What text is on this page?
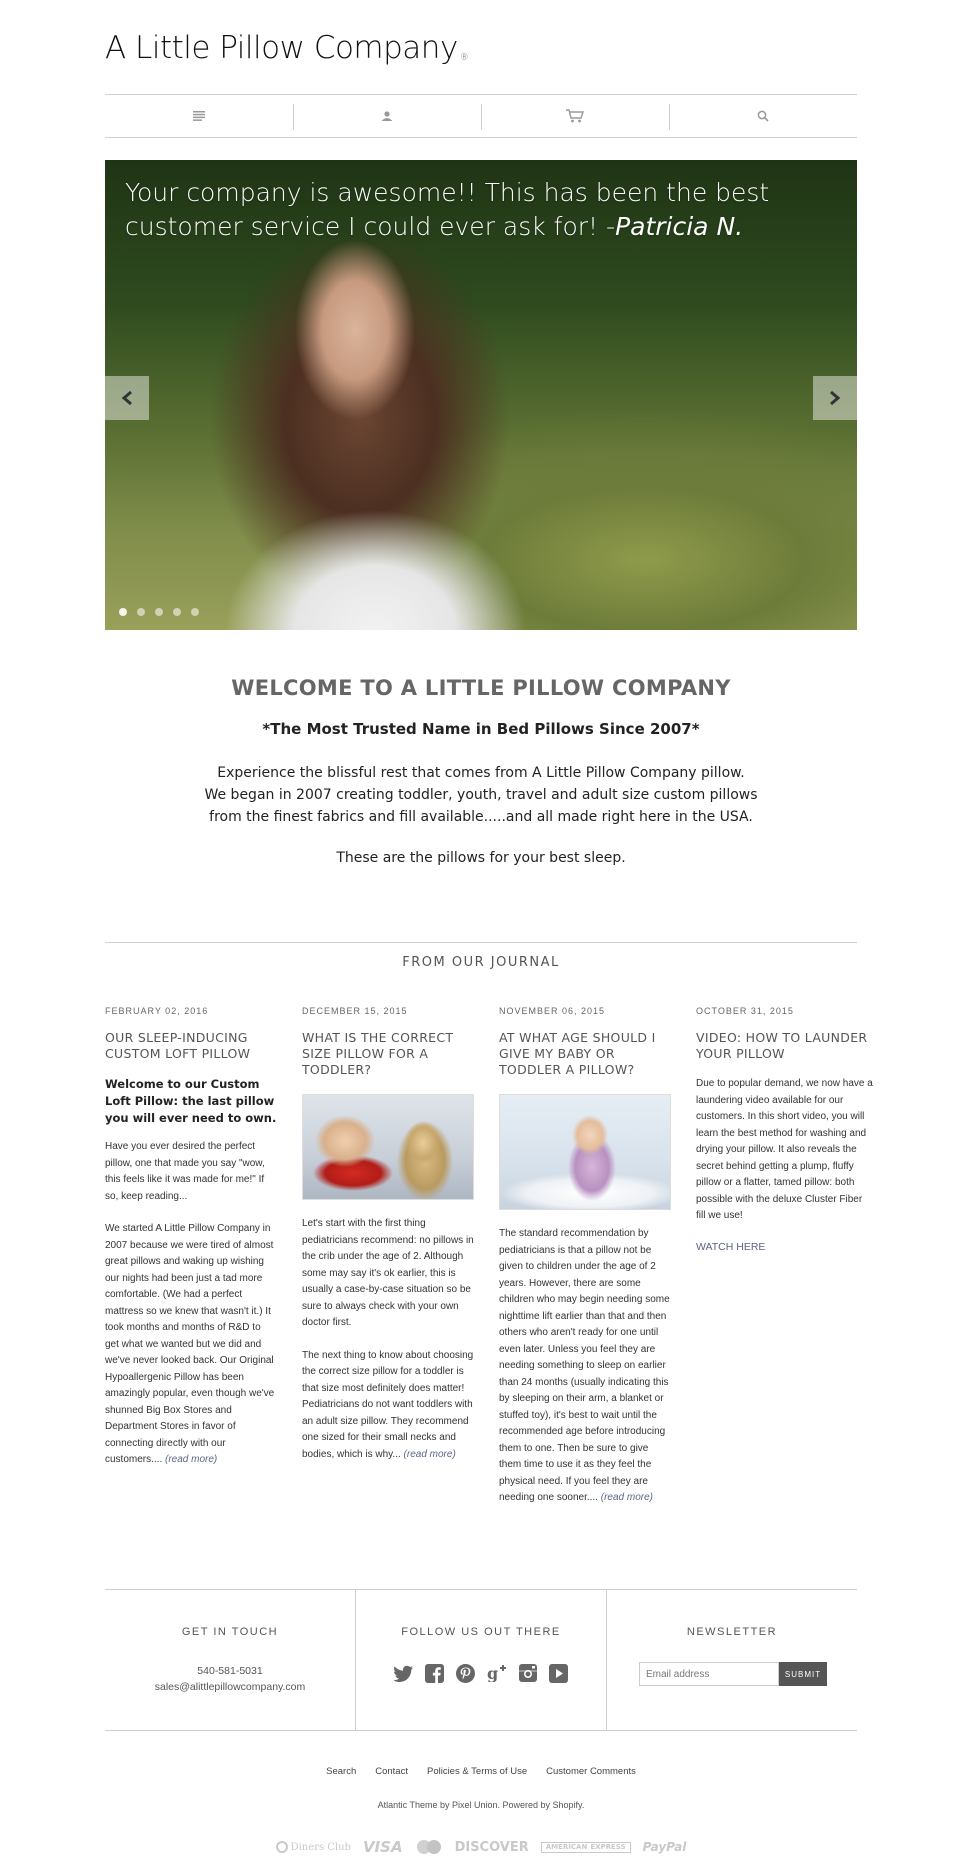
A Little Pillow Company ®
Your company is awesome!! This has been the best customer service I could ever ask for! -Patricia N.
WELCOME TO A LITTLE PILLOW COMPANY
*The Most Trusted Name in Bed Pillows Since 2007*
Experience the blissful rest that comes from A Little Pillow Company pillow.
We began in 2007 creating toddler, youth, travel and adult size custom pillows
from the finest fabrics and fill available.....and all made right here in the USA.
These are the pillows for your best sleep.
FROM OUR JOURNAL
FEBRUARY 02, 2016
OUR SLEEP-INDUCING CUSTOM LOFT PILLOW
Welcome to our Custom Loft Pillow: the last pillow you will ever need to own.

Have you ever desired the perfect pillow, one that made you say "wow, this feels like it was made for me!" If so, keep reading...

We started A Little Pillow Company in 2007 because we were tired of almost great pillows and waking up wishing our nights had been just a tad more comfortable. (We had a perfect mattress so we knew that wasn't it.) It took months and months of R&D to get what we wanted but we did and we've never looked back. Our Original Hypoallergenic Pillow has been amazingly popular, even though we've shunned Big Box Stores and Department Stores in favor of connecting directly with our customers.... (read more)

DECEMBER 15, 2015
WHAT IS THE CORRECT SIZE PILLOW FOR A TODDLER?

Let's start with the first thing pediatricians recommend: no pillows in the crib under the age of 2. Although some may say it's ok earlier, this is usually a case-by-case situation so be sure to always check with your own doctor first.

The next thing to know about choosing the correct size pillow for a toddler is that size most definitely does matter! Pediatricians do not want toddlers with an adult size pillow. They recommend one sized for their small necks and bodies, which is why... (read more)

NOVEMBER 06, 2015
AT WHAT AGE SHOULD I GIVE MY BABY OR TODDLER A PILLOW?

The standard recommendation by pediatricians is that a pillow not be given to children under the age of 2 years. However, there are some children who may begin needing some nighttime lift earlier than that and then others who aren't ready for one until even later. Unless you feel they are needing something to sleep on earlier than 24 months (usually indicating this by sleeping on their arm, a blanket or stuffed toy), it's best to wait until the recommended age before introducing them to one. Then be sure to give them time to use it as they feel the physical need. If you feel they are needing one sooner.... (read more)

OCTOBER 31, 2015
VIDEO: HOW TO LAUNDER YOUR PILLOW

Due to popular demand, we now have a laundering video available for our customers. In this short video, you will learn the best method for washing and drying your pillow. It also reveals the secret behind getting a plump, fluffy pillow or a flatter, tamed pillow: both possible with the deluxe Cluster Fiber fill we use!

WATCH HERE
GET IN TOUCH
540-581-5031
sales@alittlepillowcompany.com
FOLLOW US OUT THERE
g
NEWSLETTER
Email address
SUBMIT
Search Contact Policies & Terms of Use Customer Comments
Atlantic Theme by Pixel Union. Powered by Shopify.
Diners Club VISA	DISCOVER AMERICAN EXPRESS PayPal
